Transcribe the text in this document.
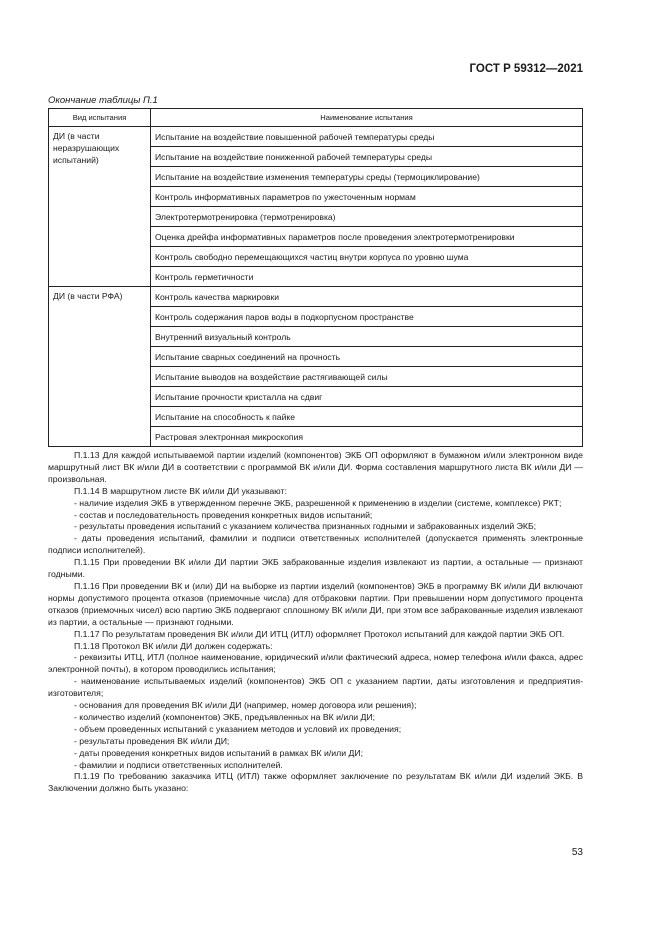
ГОСТ Р 59312—2021
Окончание таблицы П.1
Вид испытания	Наименование испытания
ДИ (в части неразрушающих испытаний)	Испытание на воздействие повышенной рабочей температуры среды
	Испытание на воздействие пониженной рабочей температуры среды
	Испытание на воздействие изменения температуры среды (термоциклирование)
	Контроль информативных параметров по ужесточенным нормам
	Электротермотренировка (термотренировка)
	Оценка дрейфа информативных параметров после проведения электротермотренировки
	Контроль свободно перемещающихся частиц внутри корпуса по уровню шума
	Контроль герметичности
ДИ (в части РФА)	Контроль качества маркировки
	Контроль содержания паров воды в подкорпусном пространстве
	Внутренний визуальный контроль
	Испытание сварных соединений на прочность
	Испытание выводов на воздействие растягивающей силы
	Испытание прочности кристалла на сдвиг
	Испытание на способность к пайке
	Растровая электронная микроскопия

П.1.13 Для каждой испытываемой партии изделий (компонентов) ЭКБ ОП оформляют в бумажном и/или электронном виде маршрутный лист ВК и/или ДИ в соответствии с программой ВК и/или ДИ. Форма составления маршрутного листа ВК и/или ДИ — произвольная.

П.1.14 В маршрутном листе ВК и/или ДИ указывают:

- наличие изделия ЭКБ в утвержденном перечне ЭКБ, разрешенной к применению в изделии (системе, комплексе) РКТ;

- состав и последовательность проведения конкретных видов испытаний;

- результаты проведения испытаний с указанием количества признанных годными и забракованных изделий ЭКБ;

- даты проведения испытаний, фамилии и подписи ответственных исполнителей (допускается применять электронные подписи исполнителей).

П.1.15 При проведении ВК и/или ДИ партии ЭКБ забракованные изделия извлекают из партии, а остальные — признают годными.

П.1.16 При проведении ВК и (или) ДИ на выборке из партии изделий (компонентов) ЭКБ в программу ВК и/или ДИ включают нормы допустимого процента отказов (приемочные числа) для отбраковки партии. При превышении норм допустимого процента отказов (приемочных чисел) всю партию ЭКБ подвергают сплошному ВК и/или ДИ, при этом все забракованные изделия извлекают из партии, а остальные — признают годными.

П.1.17 По результатам проведения ВК и/или ДИ ИТЦ (ИТЛ) оформляет Протокол испытаний для каждой партии ЭКБ ОП.

П.1.18 Протокол ВК и/или ДИ должен содержать:

- реквизиты ИТЦ, ИТЛ (полное наименование, юридический и/или фактический адреса, номер телефона и/или факса, адрес электронной почты), в котором проводились испытания;

- наименование испытываемых изделий (компонентов) ЭКБ ОП с указанием партии, даты изготовления и предприятия-изготовителя;

- основания для проведения ВК и/или ДИ (например, номер договора или решения);

- количество изделий (компонентов) ЭКБ, предъявленных на ВК и/или ДИ;

- объем проведенных испытаний с указанием методов и условий их проведения;

- результаты проведения ВК и/или ДИ;

- даты проведения конкретных видов испытаний в рамках ВК и/или ДИ;

- фамилии и подписи ответственных исполнителей.

П.1.19 По требованию заказчика ИТЦ (ИТЛ) также оформляет заключение по результатам ВК и/или ДИ изделий ЭКБ. В Заключении должно быть указано:

53
